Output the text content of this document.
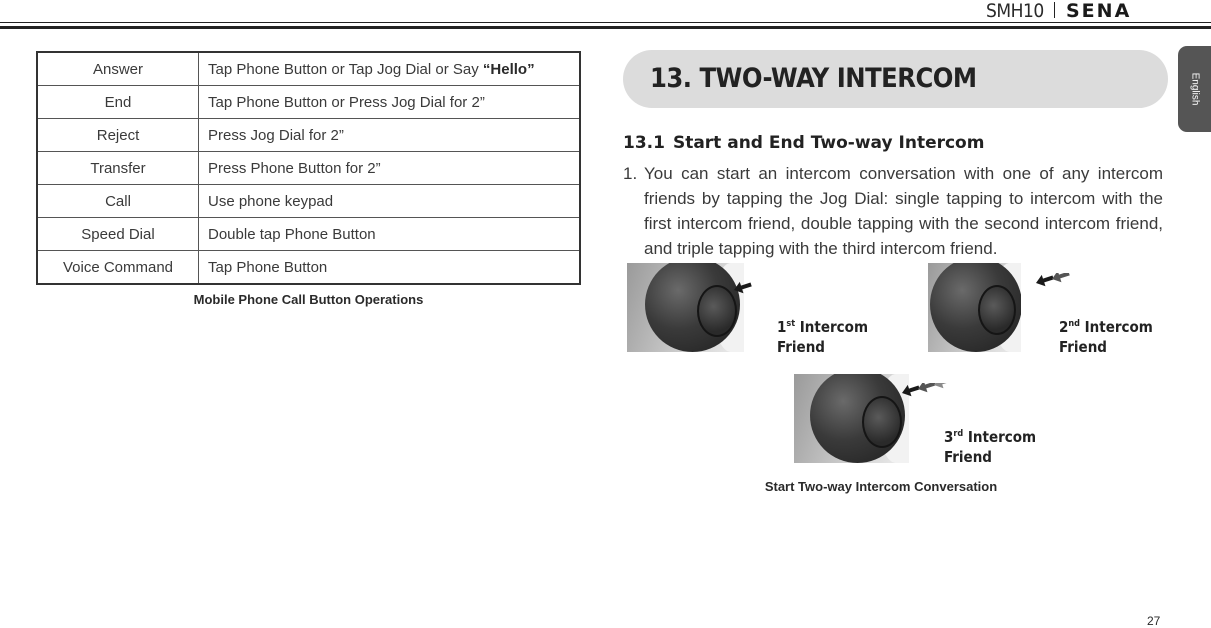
SMH10 SENA
Answer	Tap Phone Button or Tap Jog Dial or Say “Hello”
End	Tap Phone Button or Press Jog Dial for 2”
Reject	Press Jog Dial for 2”
Transfer	Press Phone Button for 2”
Call	Use phone keypad
Speed Dial	Double tap Phone Button
Voice Command	Tap Phone Button
Mobile Phone Call Button Operations
13. TWO-WAY INTERCOM	English
13.1 Start and End Two-way Intercom
1. You can start an intercom conversation with one of any intercom friends by tapping the Jog Dial: single tapping to intercom with the first intercom friend, double tapping with the second intercom friend, and triple tapping with the third intercom friend.
1st Intercom
Friend
2nd Intercom
Friend
3rd Intercom
Friend
Start Two-way Intercom Conversation
27
